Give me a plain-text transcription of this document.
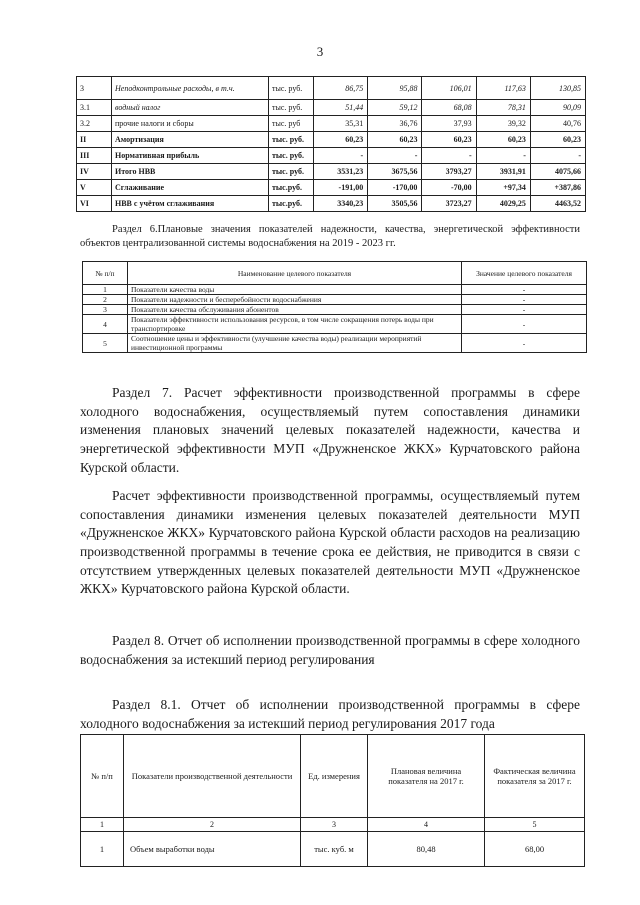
3
3	Неподконтрольные расходы, в т.ч.	тыс. руб.	86,75	95,88	106,01	117,63	130,85
3.1	водный налог	тыс. руб.	51,44	59,12	68,08	78,31	90,09
3.2	прочие налоги и сборы	тыс. руб	35,31	36,76	37,93	39,32	40,76
II	Амортизация	тыс. руб.	60,23	60,23	60,23	60,23	60,23
III	Нормативная прибыль	тыс. руб.	-	-	-	-	-
IV	Итого НВВ	тыс. руб.	3531,23	3675,56	3793,27	3931,91	4075,66
V	Сглаживание	тыс.руб.	-191,00	-170,00	-70,00	+97,34	+387,86
VI	НВВ с учётом сглаживания	тыс.руб.	3340,23	3505,56	3723,27	4029,25	4463,52
Раздел 6.Плановые значения показателей надежности, качества, энергетической эффективности объектов централизованной системы водоснабжения на 2019 - 2023 гг.
№ п/п	Наименование целевого показателя	Значение целевого показателя
1	Показатели качества воды	-
2	Показатели надежности и бесперебойности водоснабжения	-
3	Показатели качества обслуживания абонентов	-
4	Показатели эффективности использования ресурсов, в том числе сокращения потерь воды при транспортировке	-
5	Соотношение цены и эффективности (улучшение качества воды) реализации мероприятий инвестиционной программы	-
Раздел 7. Расчет эффективности производственной программы в сфере холодного водоснабжения, осуществляемый путем сопоставления динамики изменения плановых значений целевых показателей надежности, качества и энергетической эффективности МУП «Дружненское ЖКХ» Курчатовского района Курской области.
Расчет эффективности производственной программы, осуществляемый путем сопоставления динамики изменения целевых показателей деятельности МУП «Дружненское ЖКХ» Курчатовского района Курской области расходов на реализацию производственной программы в течение срока ее действия, не приводится в связи с отсутствием утвержденных целевых показателей деятельности МУП «Дружненское ЖКХ» Курчатовского района Курской области.
Раздел 8. Отчет об исполнении производственной программы в сфере холодного водоснабжения за истекший период регулирования
Раздел 8.1. Отчет об исполнении производственной программы в сфере холодного водоснабжения за истекший период регулирования 2017 года
№ п/п	Показатели производственной деятельности	Ед. измерения	Плановая величина показателя на 2017 г.	Фактическая величина показателя за 2017 г.
1	2	3	4	5
1	Объем выработки воды	тыс. куб. м	80,48	68,00
